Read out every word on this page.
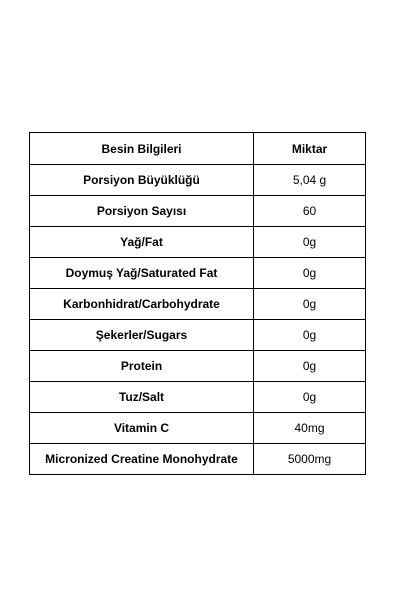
Besin Bilgileri	Miktar
Porsiyon Büyüklüğü	5,04 g
Porsiyon Sayısı	60
Yağ/Fat	0g
Doymuş Yağ/Saturated Fat	0g
Karbonhidrat/Carbohydrate	0g
Şekerler/Sugars	0g
Protein	0g
Tuz/Salt	0g
Vitamin C	40mg
Micronized Creatine Monohydrate	5000mg
